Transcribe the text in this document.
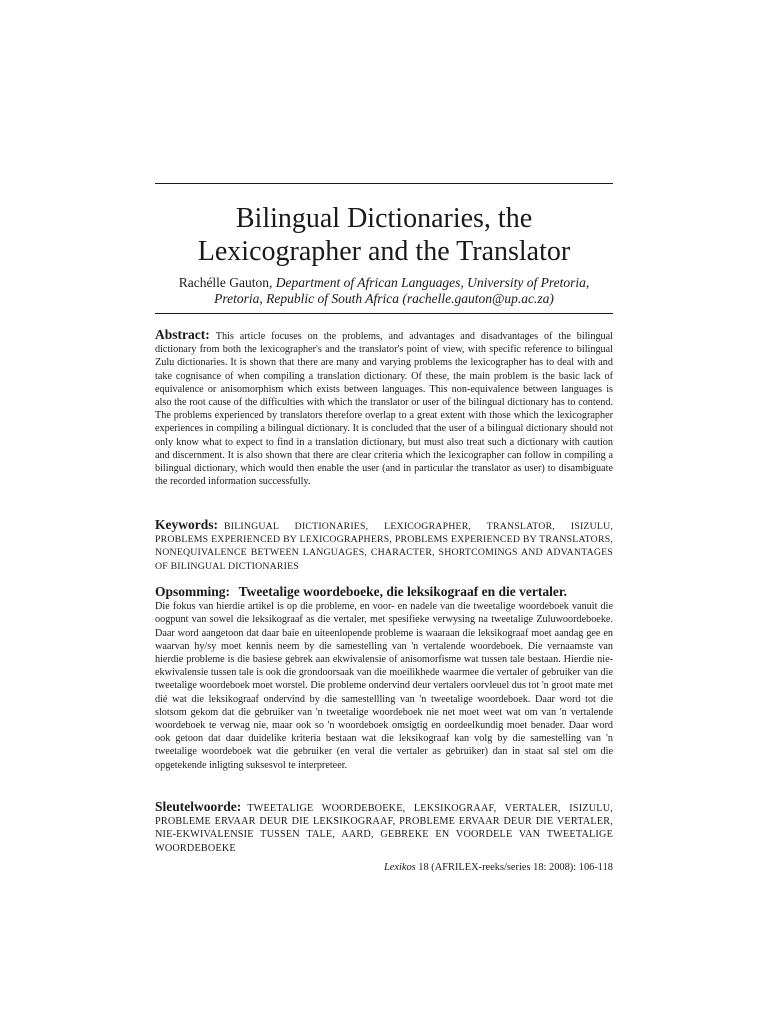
Bilingual Dictionaries, the
Lexicographer and the Translator
Rachélle Gauton, Department of African Languages, University of Pretoria,
Pretoria, Republic of South Africa (rachelle.gauton@up.ac.za)

Abstract: This article focuses on the problems, and advantages and disadvantages of the bilingual dictionary from both the lexicographer's and the translator's point of view, with specific reference to bilingual Zulu dictionaries. It is shown that there are many and varying problems the lexicographer has to deal with and take cognisance of when compiling a translation dictionary. Of these, the main problem is the basic lack of equivalence or anisomorphism which exists between languages. This non-equivalence between languages is also the root cause of the difficulties with which the translator or user of the bilingual dictionary has to contend. The problems experienced by translators therefore overlap to a great extent with those which the lexicographer experiences in compiling a bilingual dictionary. It is concluded that the user of a bilingual dictionary should not only know what to expect to find in a translation dictionary, but must also treat such a dictionary with caution and discernment. It is also shown that there are clear criteria which the lexicographer can follow in compiling a bilingual dictionary, which would then enable the user (and in particular the translator as user) to disambiguate the recorded information successfully.

Keywords: BILINGUAL DICTIONARIES, LEXICOGRAPHER, TRANSLATOR, ISIZULU, PROBLEMS EXPERIENCED BY LEXICOGRAPHERS, PROBLEMS EXPERIENCED BY TRANSLATORS, NONEQUIVALENCE BETWEEN LANGUAGES, CHARACTER, SHORTCOMINGS AND ADVANTAGES OF BILINGUAL DICTIONARIES

Opsomming: Tweetalige woordeboeke, die leksikograaf en die vertaler.
Die fokus van hierdie artikel is op die probleme, en voor- en nadele van die tweetalige woordeboek vanuit die oogpunt van sowel die leksikograaf as die vertaler, met spesifieke verwysing na tweetalige Zuluwoordeboeke. Daar word aangetoon dat daar baie en uiteenlopende probleme is waaraan die leksikograaf moet aandag gee en waarvan hy/sy moet kennis neem by die samestelling van 'n vertalende woordeboek. Die vernaamste van hierdie probleme is die basiese gebrek aan ekwivalensie of anisomorfisme wat tussen tale bestaan. Hierdie nie-ekwivalensie tussen tale is ook die grondoorsaak van die moeilikhede waarmee die vertaler of gebruiker van die tweetalige woordeboek moet worstel. Die probleme ondervind deur vertalers oorvleuel dus tot 'n groot mate met dié wat die leksikograaf ondervind by die samestellling van 'n tweetalige woordeboek. Daar word tot die slotsom gekom dat die gebruiker van 'n tweetalige woordeboek nie net moet weet wat om van 'n vertalende woordeboek te verwag nie, maar ook so 'n woordeboek omsigtig en oordeelkundig moet benader. Daar word ook getoon dat daar duidelike kriteria bestaan wat die leksikograaf kan volg by die samestelling van 'n tweetalige woordeboek wat die gebruiker (en veral die vertaler as gebruiker) dan in staat sal stel om die opgetekende inligting suksesvol te interpreteer.

Sleutelwoorde: TWEETALIGE WOORDEBOEKE, LEKSIKOGRAAF, VERTALER, ISIZULU, PROBLEME ERVAAR DEUR DIE LEKSIKOGRAAF, PROBLEME ERVAAR DEUR DIE VERTALER, NIE-EKWIVALENSIE TUSSEN TALE, AARD, GEBREKE EN VOORDELE VAN TWEETALIGE WOORDEBOEKE

Lexikos 18 (AFRILEX-reeks/series 18: 2008): 106-118
